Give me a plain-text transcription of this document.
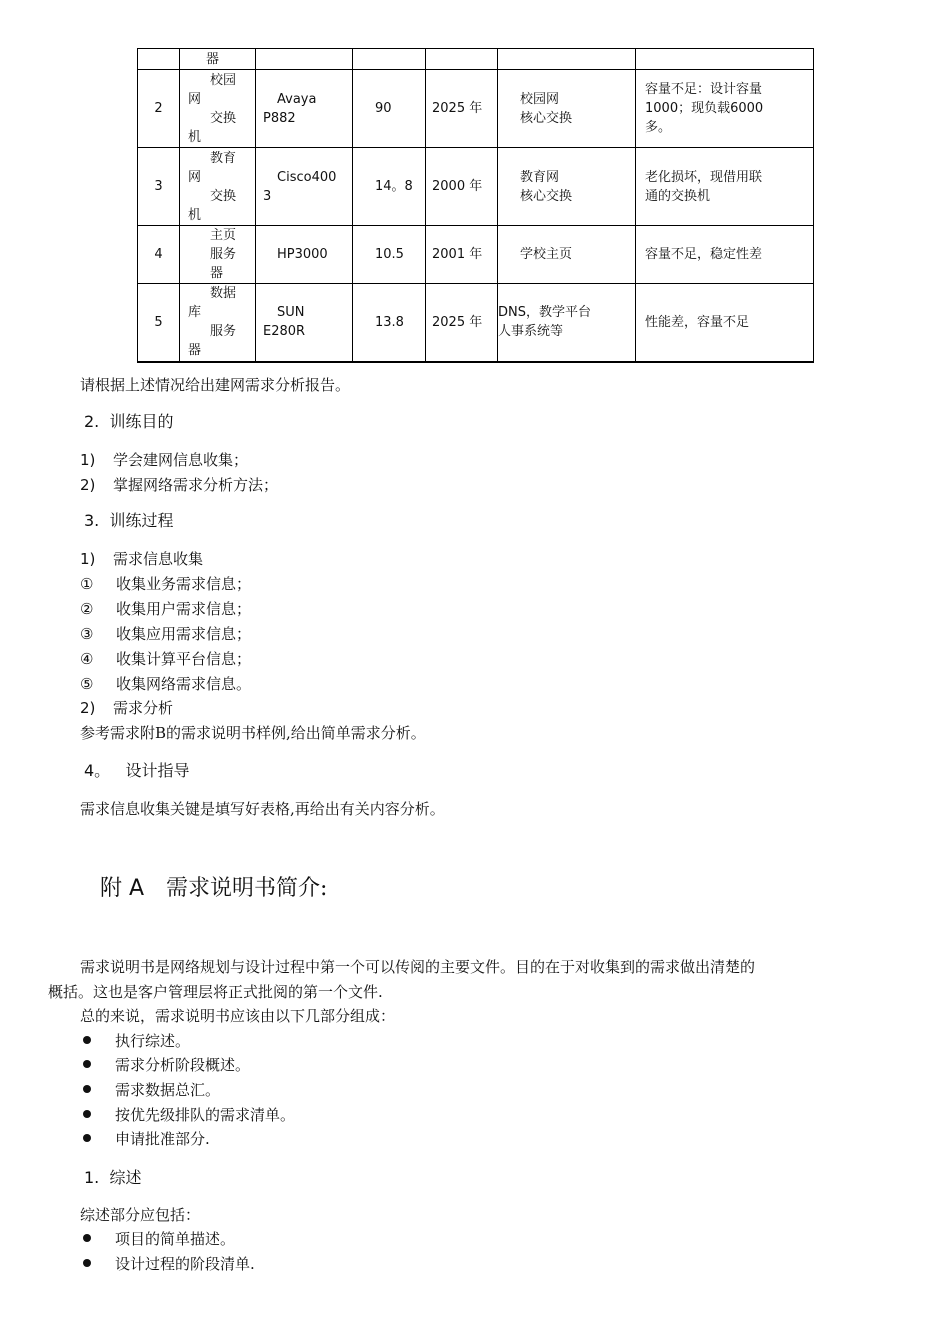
	器					

2	校园
网
交换
机	Avaya
P882	90	2025 年	校园网
核心交换	容量不足：设计容量
1000；现负载6000
多。

3	教育
网
交换
机	Cisco400
3	14。8	2000 年	教育网
核心交换	老化损坏，现借用联
通的交换机

4	主页
服务
器	HP3000	10.5	2001 年	学校主页	容量不足，稳定性差

5	数据
库
服务
器	SUN
E280R	13.8	2025 年	DNS，教学平台
人事系统等	性能差，容量不足
请根据上述情况给出建网需求分析报告。
2. 训练目的
1) 学会建网信息收集；
2) 掌握网络需求分析方法；
3. 训练过程
1) 需求信息收集
① 收集业务需求信息；
② 收集用户需求信息；
③ 收集应用需求信息；
④ 收集计算平台信息；
⑤ 收集网络需求信息。
2) 需求分析
参考需求附B的需求说明书样例,给出简单需求分析。
4。 设计指导
需求信息收集关键是填写好表格,再给出有关内容分析。
附 A 需求说明书简介:
需求说明书是网络规划与设计过程中第一个可以传阅的主要文件。目的在于对收集到的需求做出清楚的
概括。这也是客户管理层将正式批阅的第一个文件.
总的来说，需求说明书应该由以下几部分组成：
执行综述。
需求分析阶段概述。
需求数据总汇。
按优先级排队的需求清单。
申请批准部分.
1. 综述
综述部分应包括：
项目的简单描述。
设计过程的阶段清单.
